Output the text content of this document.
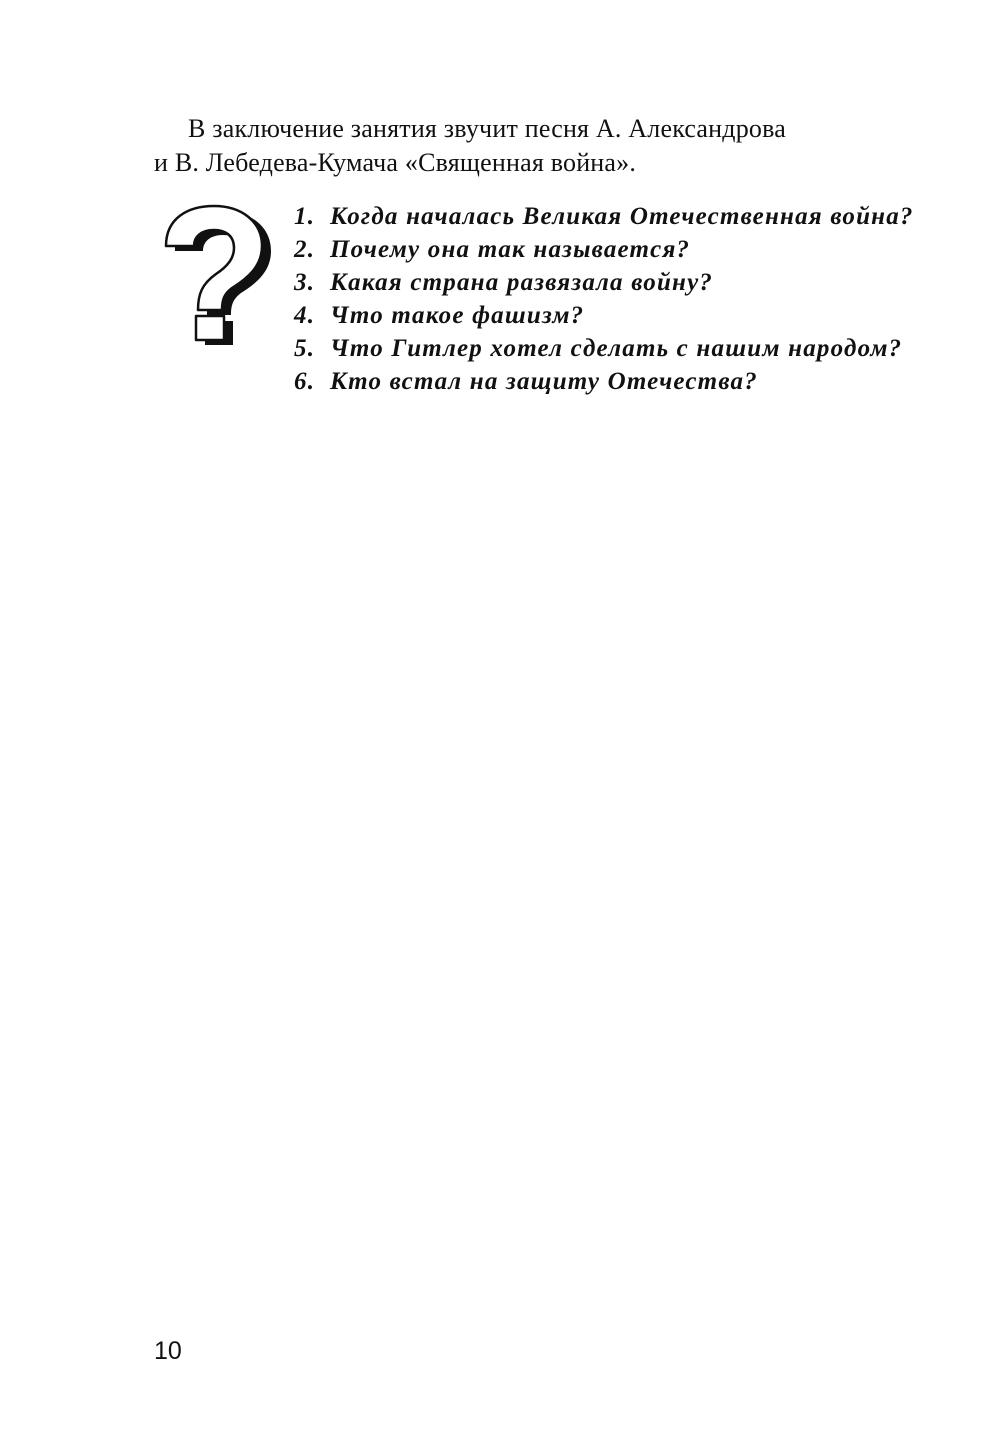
В заключение занятия звучит песня А. Александрова
и В. Лебедева-Кумача «Священная война».
1. Когда началась Великая Отечественная война?
2. Почему она так называется?
3. Какая страна развязала войну?
4. Что такое фашизм?
5. Что Гитлер хотел сделать с нашим народом?
6. Кто встал на защиту Отечества?
10
